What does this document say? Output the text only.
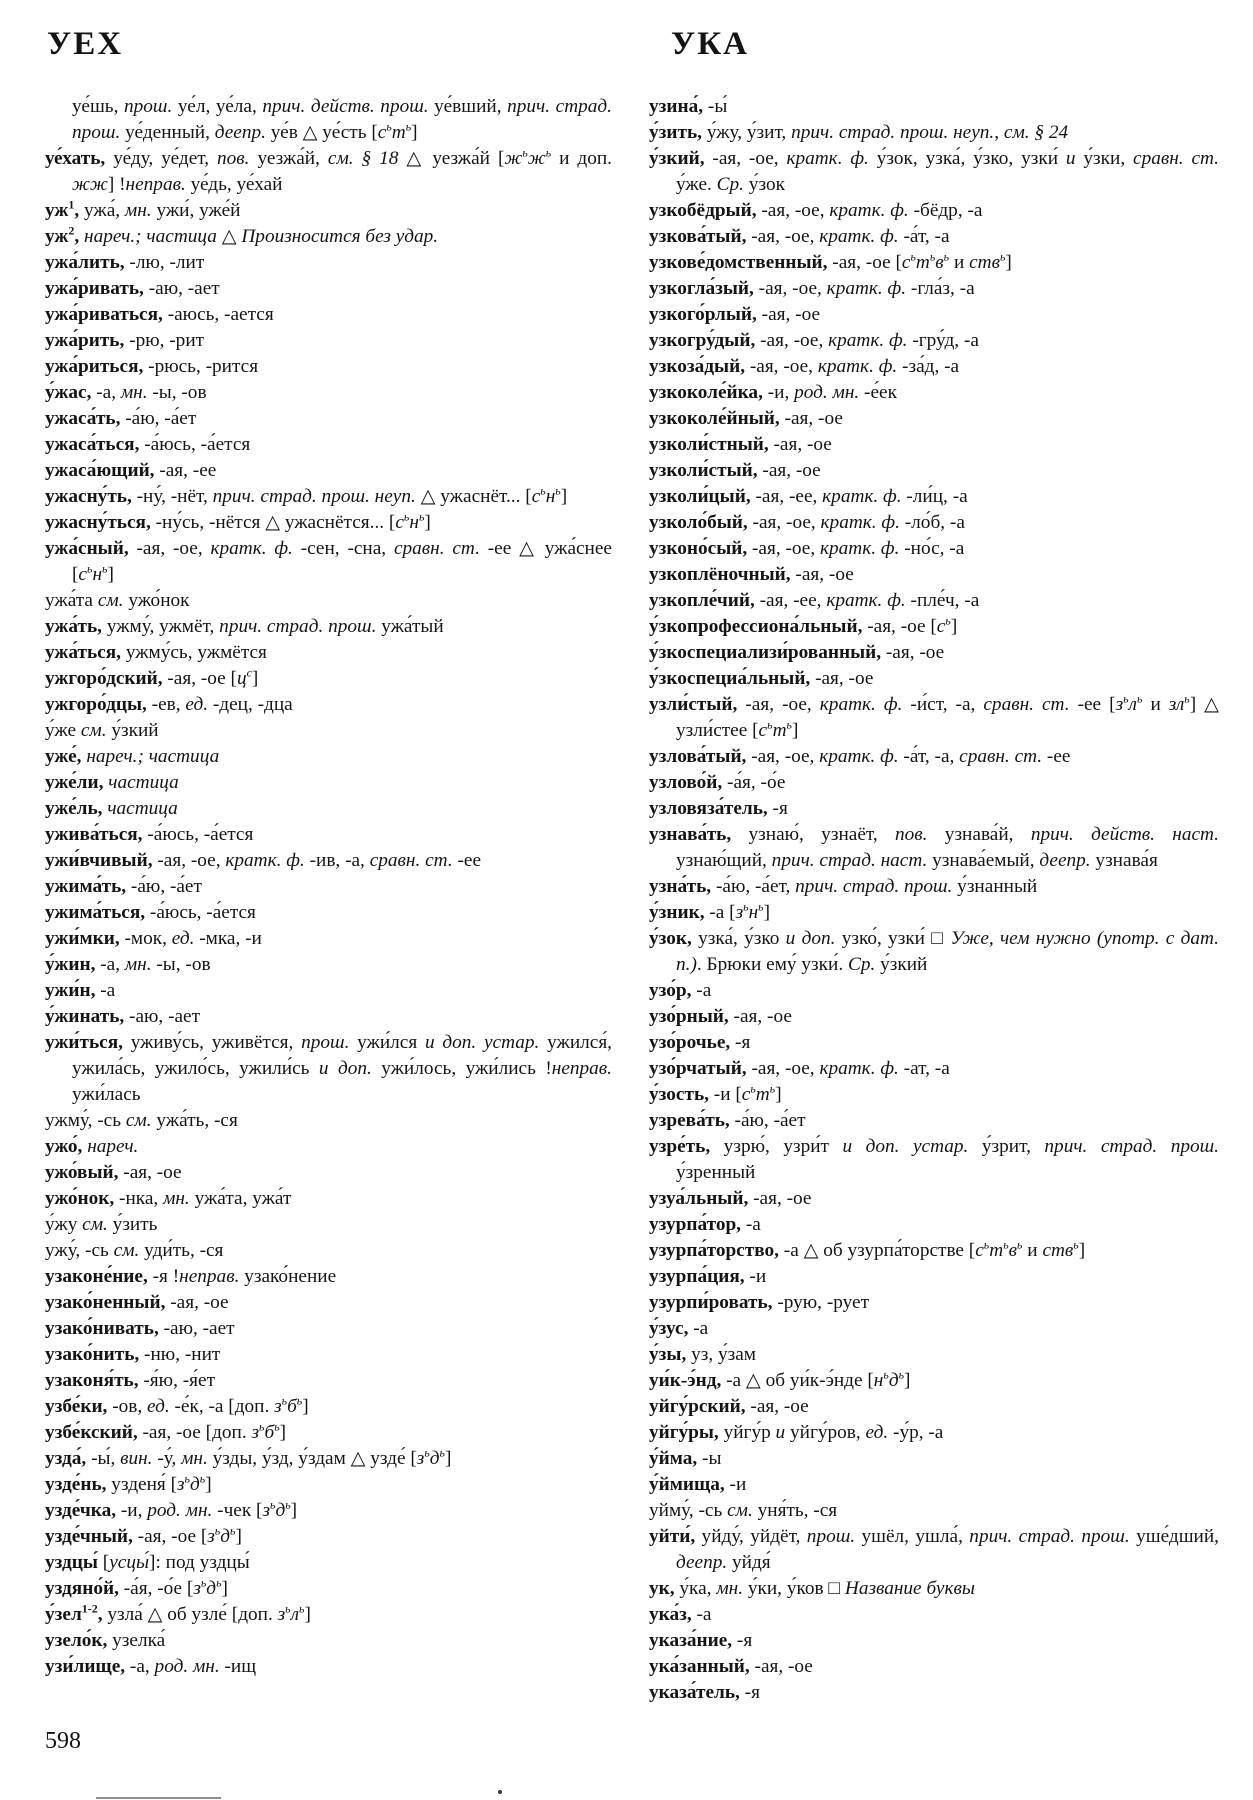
УЕХ	УКА

уе́шь, прош. уе́л, уе́ла, прич. действ. прош. уе́вший, прич. страд. прош. уе́денный, деепр. уе́в △ уе́сть $[с^ьт^ь]$

уе́хать, уе́ду, уе́дет, пов. уезжа́й, см. § 18 △ уезжа́й [$ж^ьж^ь$ и доп. жж] !неправ. уе́дь, уе́хай

$уж^1$, ужа́, мн. ужи́, уже́й

$уж^2$, нареч.; частица △ Произносится без удар.

ужа́лить, -лю, -лит

ужа́ривать, -аю, -ает

ужа́риваться, -аюсь, -ается

ужа́рить, -рю, -рит

ужа́риться, -рюсь, -рится

у́жас, -а, мн. -ы, -ов

ужаса́ть, -а́ю, -а́ет

ужаса́ться, -а́юсь, -а́ется

ужаса́ющий, -ая, -ее

ужасну́ть, -ну́, -нёт, прич. страд. прош. неуп. △ ужаснёт... $[с^ьн^ь]$

ужасну́ться, -ну́сь, -нётся △ ужаснётся... $[с^ьн^ь]$

ужа́сный, -ая, -ое, кратк. ф. -сен, -сна, сравн. ст. -ее △ ужа́снее $[с^ьн^ь]$

ужа́та см. ужо́нок

ужа́ть, ужму́, ужмёт, прич. страд. прош. ужа́тый

ужа́ться, ужму́сь, ужмётся

ужгоро́дский, -ая, -ое $[ц^с]$

ужгоро́дцы, -ев, ед. -дец, -дца

у́же см. у́зкий

уже́, нареч.; частица

уже́ли, частица

уже́ль, частица

ужива́ться, -а́юсь, -а́ется

ужи́вчивый, -ая, -ое, кратк. ф. -ив, -а, сравн. ст. -ее

ужима́ть, -а́ю, -а́ет

ужима́ться, -а́юсь, -а́ется

ужи́мки, -мок, ед. -мка, -и

у́жин, -а, мн. -ы, -ов

ужи́н, -а

у́жинать, -аю, -ает

ужи́ться, уживу́сь, уживётся, прош. ужи́лся и доп. устар. ужился́, ужила́сь, ужило́сь, ужили́сь и доп. ужи́лось, ужи́лись !неправ. ужи́лась

ужму́, -сь см. ужа́ть, -ся

ужо́, нареч.

ужо́вый, -ая, -ое

ужо́нок, -нка, мн. ужа́та, ужа́т

у́жу см. у́зить

ужу́, -сь см. уди́ть, -ся

узаконе́ние, -я !неправ. узако́нение

узако́ненный, -ая, -ое

узако́нивать, -аю, -ает

узако́нить, -ню, -нит

узаконя́ть, -я́ю, -я́ет

узбе́ки, -ов, ед. -е́к, -а [доп. $з^ьб^ь$]

узбе́кский, -ая, -ое [доп. $з^ьб^ь$]

узда́, -ы́, вин. -у́, мн. у́зды, у́зд, у́здам △ узде́ $[з^ьд^ь]$

узде́нь, узденя́ $[з^ьд^ь]$

узде́чка, -и, род. мн. -чек $[з^ьд^ь]$

узде́чный, -ая, -ое $[з^ьд^ь]$

уздцы́ [усцы́]: под уздцы́

уздяно́й, -а́я, -о́е $[з^ьд^ь]$

у́зел$^{1-2}$, узла́ △ об узле́ [доп. $з^ьл^ь$]

узело́к, узелка́

узи́лище, -а, род. мн. -ищ

узина́, -ы́

у́зить, у́жу, у́зит, прич. страд. прош. неуп., см. § 24

у́зкий, -ая, -ое, кратк. ф. у́зок, узка́, у́зко, узки́ и у́зки, сравн. ст. у́же. Ср. у́зок

узкобёдрый, -ая, -ое, кратк. ф. -бёдр, -а

узкова́тый, -ая, -ое, кратк. ф. -а́т, -а

узкове́домственный, -ая, -ое [$с^ьт^ьв^ь$ и ств$^ь$]

узкогла́зый, -ая, -ое, кратк. ф. -гла́з, -а

узкого́рлый, -ая, -ое

узкогру́дый, -ая, -ое, кратк. ф. -гру́д, -а

узкоза́дый, -ая, -ое, кратк. ф. -за́д, -а

узкоколе́йка, -и, род. мн. -е́ек

узкоколе́йный, -ая, -ое

узколи́стный, -ая, -ое

узколи́стый, -ая, -ое

узколи́цый, -ая, -ее, кратк. ф. -ли́ц, -а

узколо́бый, -ая, -ое, кратк. ф. -ло́б, -а

узконо́сый, -ая, -ое, кратк. ф. -но́с, -а

узкоплёночный, -ая, -ое

узкопле́чий, -ая, -ее, кратк. ф. -пле́ч, -а

у́зкопрофессиона́льный, -ая, -ое $[с^ь]$

у́зкоспециализи́рованный, -ая, -ое

у́зкоспециа́льный, -ая, -ое

узли́стый, -ая, -ое, кратк. ф. -и́ст, -а, сравн. ст. -ее [$з^ьл^ь$ и $зл^ь$] △ узли́стее $[с^ьт^ь]$

узлова́тый, -ая, -ое, кратк. ф. -а́т, -а, сравн. ст. -ее

узлово́й, -а́я, -о́е

узловяза́тель, -я

узнава́ть, узнаю́, узнаёт, пов. узнава́й, прич. действ. наст. узнаю́щий, прич. страд. наст. узнава́емый, деепр. узнава́я

узна́ть, -а́ю, -а́ет, прич. страд. прош. у́знанный

у́зник, -а $[з^ьн^ь]$

у́зок, узка́, у́зко и доп. узко́, узки́ □ Уже, чем нужно (употр. с дат. п.). Брюки ему́ узки́. Ср. у́зкий

узо́р, -а

узо́рный, -ая, -ое

узо́рочье, -я

узо́рчатый, -ая, -ое, кратк. ф. -ат, -а

у́зость, -и $[с^ьт^ь]$

узрева́ть, -а́ю, -а́ет

узре́ть, узрю́, узри́т и доп. устар. у́зрит, прич. страд. прош. у́зренный

узуа́льный, -ая, -ое

узурпа́тор, -а

узурпа́торство, -а △ об узурпа́торстве [$с^ьт^ьв^ь$ и ств$^ь$]

узурпа́ция, -и

узурпи́ровать, -рую, -рует

у́зус, -а

у́зы, уз, у́зам

уи́к-э́нд, -а △ об уи́к-э́нде $[н^ьд^ь]$

уйгу́рский, -ая, -ое

уйгу́ры, уйгу́р и уйгу́ров, ед. -у́р, -а

у́йма, -ы

у́ймища, -и

уйму́, -сь см. уня́ть, -ся

уйти́, уйду́, уйдёт, прош. ушёл, ушла́, прич. страд. прош. уше́дший, деепр. уйдя́

ук, у́ка, мн. у́ки, у́ков □ Название буквы

ука́з, -а

указа́ние, -я

ука́занный, -ая, -ое

указа́тель, -я

598
